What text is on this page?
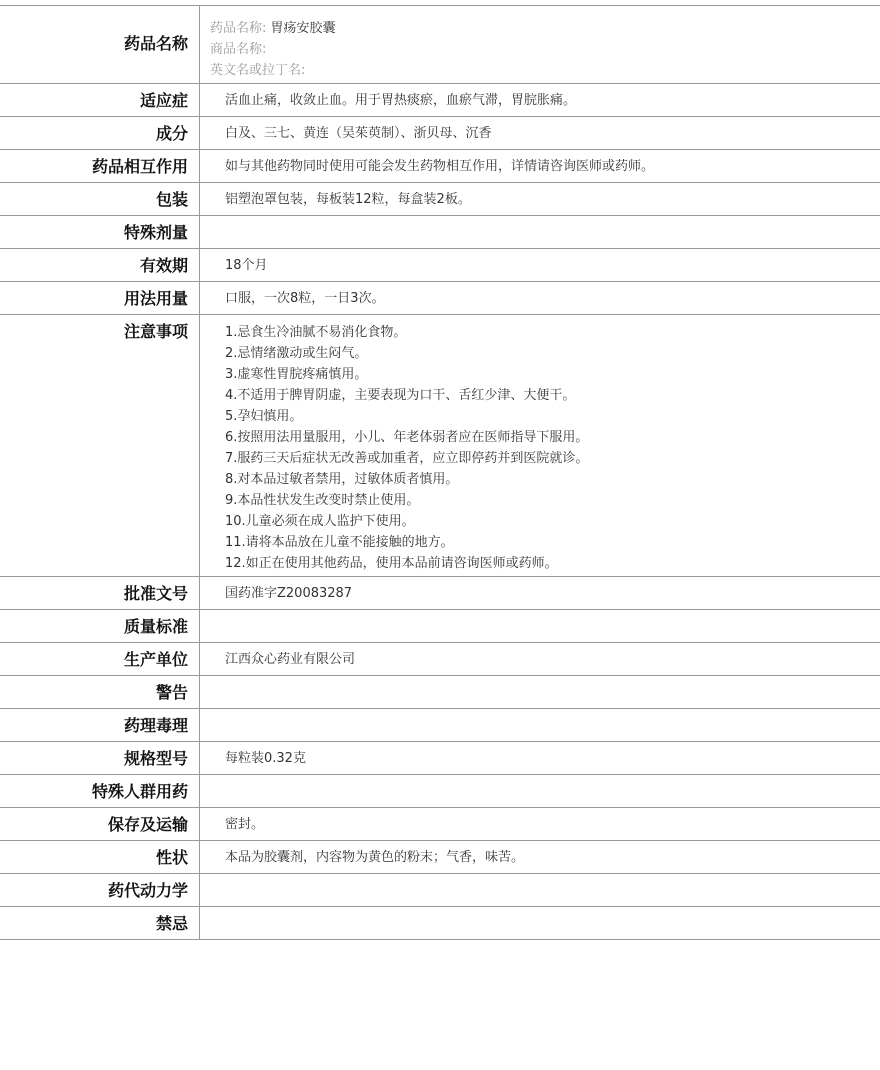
药品名称
药品名称: 胃疡安胶囊
商品名称:
英文名或拉丁名:
适应症	活血止痛，收敛止血。用于胃热痰瘀，血瘀气滞，胃脘胀痛。
成分	白及、三七、黄连（吴茱萸制）、浙贝母、沉香
药品相互作用	如与其他药物同时使用可能会发生药物相互作用，详情请咨询医师或药师。
包装	铝塑泡罩包装，每板装12粒，每盒装2板。
特殊剂量
有效期	18个月
用法用量	口服，一次8粒，一日3次。
注意事项	1.忌食生冷油腻不易消化食物。
2.忌情绪激动或生闷气。
3.虚寒性胃脘疼痛慎用。
4.不适用于脾胃阴虚，主要表现为口干、舌红少津、大便干。
5.孕妇慎用。
6.按照用法用量服用，小儿、年老体弱者应在医师指导下服用。
7.服药三天后症状无改善或加重者，应立即停药并到医院就诊。
8.对本品过敏者禁用，过敏体质者慎用。
9.本品性状发生改变时禁止使用。
10.儿童必须在成人监护下使用。
11.请将本品放在儿童不能接触的地方。
12.如正在使用其他药品，使用本品前请咨询医师或药师。
批准文号	国药准字Z20083287
质量标准
生产单位	江西众心药业有限公司
警告
药理毒理
规格型号	每粒装0.32克
特殊人群用药
保存及运输	密封。
性状	本品为胶囊剂，内容物为黄色的粉末；气香，味苦。
药代动力学
禁忌
